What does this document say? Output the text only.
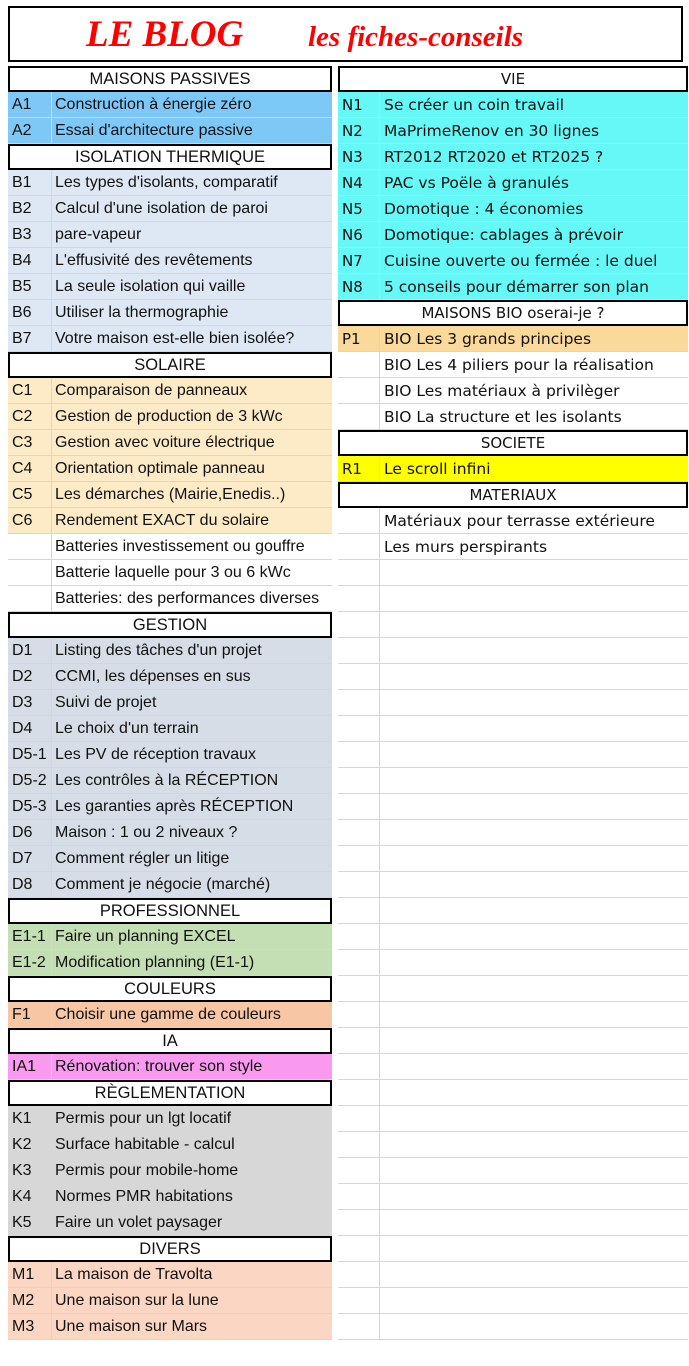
LE BLOG les fiches-conseils
MAISONS PASSIVES
A1 Construction à énergie zéro
A2 Essai d'architecture passive
ISOLATION THERMIQUE
B1 Les types d'isolants, comparatif
B2 Calcul d'une isolation de paroi
B3 pare-vapeur
B4 L'effusivité des revêtements
B5 La seule isolation qui vaille
B6 Utiliser la thermographie
B7 Votre maison est-elle bien isolée?
SOLAIRE
C1 Comparaison de panneaux
C2 Gestion de production de 3 kWc
C3 Gestion avec voiture électrique
C4 Orientation optimale panneau
C5 Les démarches (Mairie,Enedis..)
C6 Rendement EXACT du solaire
Batteries investissement ou gouffre
Batterie laquelle pour 3 ou 6 kWc
Batteries: des performances diverses
GESTION
D1 Listing des tâches d'un projet
D2 CCMI, les dépenses en sus
D3 Suivi de projet
D4 Le choix d'un terrain
D5-1 Les PV de réception travaux
D5-2 Les contrôles à la RÉCEPTION
D5-3 Les garanties après RÉCEPTION
D6 Maison : 1 ou 2 niveaux ?
D7 Comment régler un litige
D8 Comment je négocie (marché)
PROFESSIONNEL
E1-1 Faire un planning EXCEL
E1-2 Modification planning (E1-1)
COULEURS
F1 Choisir une gamme de couleurs
IA
IA1 Rénovation: trouver son style
RÈGLEMENTATION
K1 Permis pour un lgt locatif
K2 Surface habitable - calcul
K3 Permis pour mobile-home
K4 Normes PMR habitations
K5 Faire un volet paysager
DIVERS
M1 La maison de Travolta
M2 Une maison sur la lune
M3 Une maison sur Mars
VIE
N1 Se créer un coin travail
N2 MaPrimeRenov en 30 lignes
N3 RT2012 RT2020 et RT2025 ?
N4 PAC vs Poële à granulés
N5 Domotique : 4 économies
N6 Domotique: cablages à prévoir
N7 Cuisine ouverte ou fermée : le duel
N8 5 conseils pour démarrer son plan
MAISONS BIO oserai-je ?
P1 BIO Les 3 grands principes
BIO Les 4 piliers pour la réalisation
BIO Les matériaux à privilèger
BIO La structure et les isolants
SOCIETE
R1 Le scroll infini
MATERIAUX
Matériaux pour terrasse extérieure
Les murs perspirants
